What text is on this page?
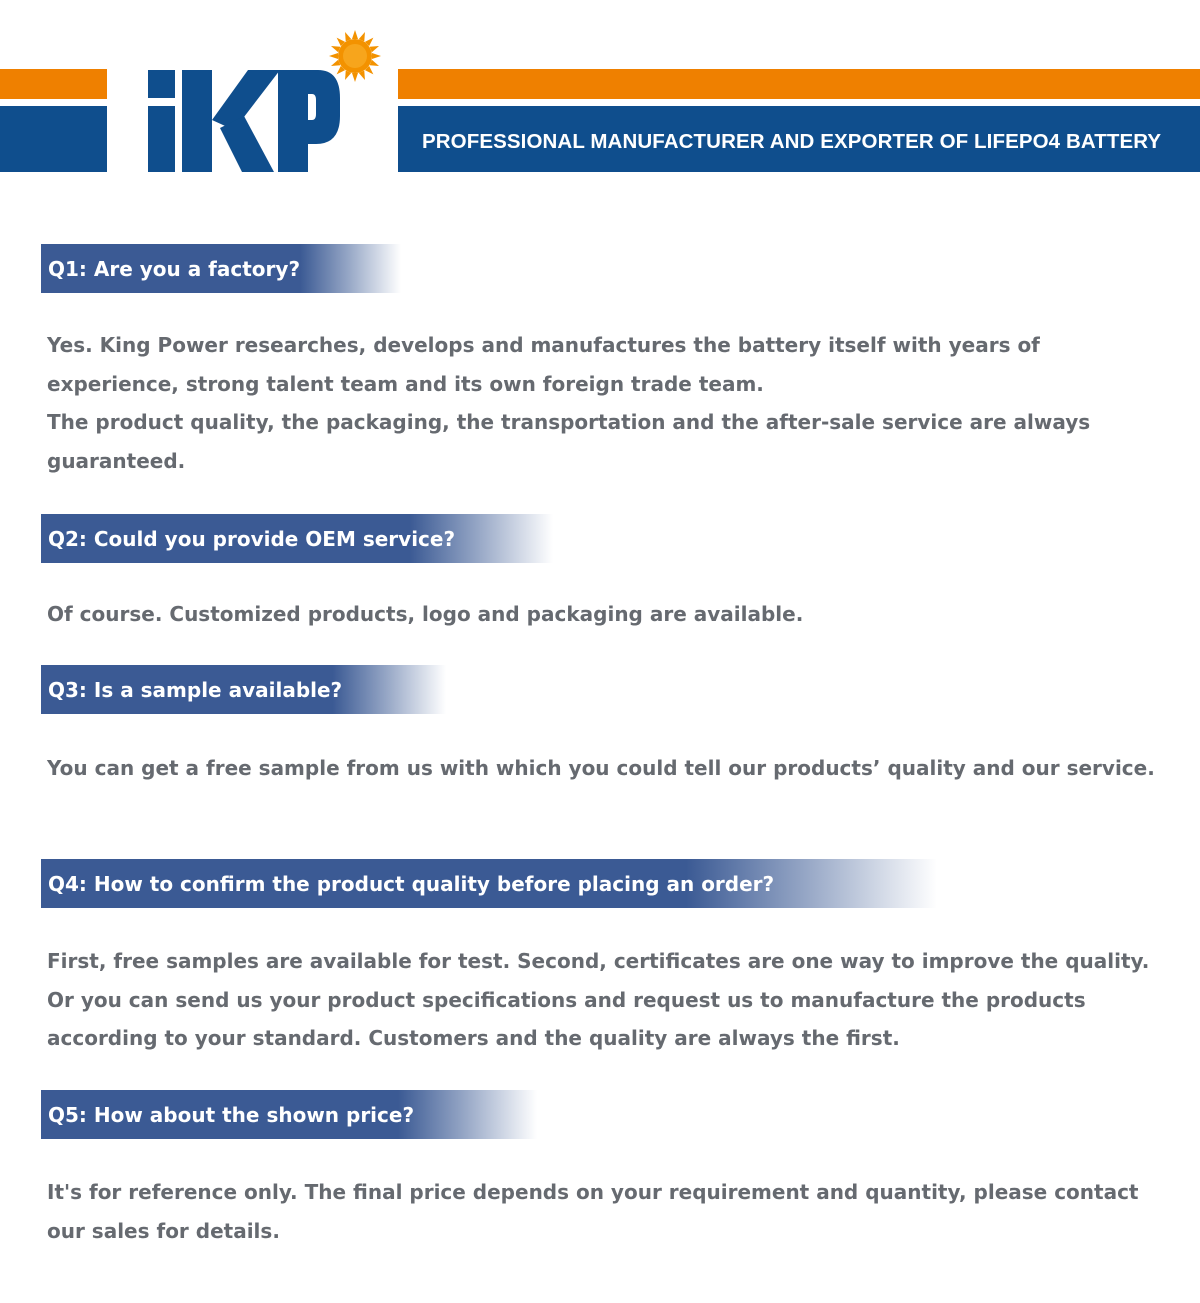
PROFESSIONAL MANUFACTURER AND EXPORTER OF LIFEPO4 BATTERY
Q1: Are you a factory?

Yes. King Power researches, develops and manufactures the battery itself with years of experience, strong talent team and its own foreign trade team.

The product quality, the packaging, the transportation and the after-sale service are always guaranteed.

Q2: Could you provide OEM service?

Of course. Customized products, logo and packaging are available.

Q3: Is a sample available?

You can get a free sample from us with which you could tell our products’ quality and our service.

Q4: How to confirm the product quality before placing an order?

First, free samples are available for test. Second, certificates are one way to improve the quality. Or you can send us your product specifications and request us to manufacture the products according to your standard. Customers and the quality are always the first.

Q5: How about the shown price?

It's for reference only. The final price depends on your requirement and quantity, please contact our sales for details.
